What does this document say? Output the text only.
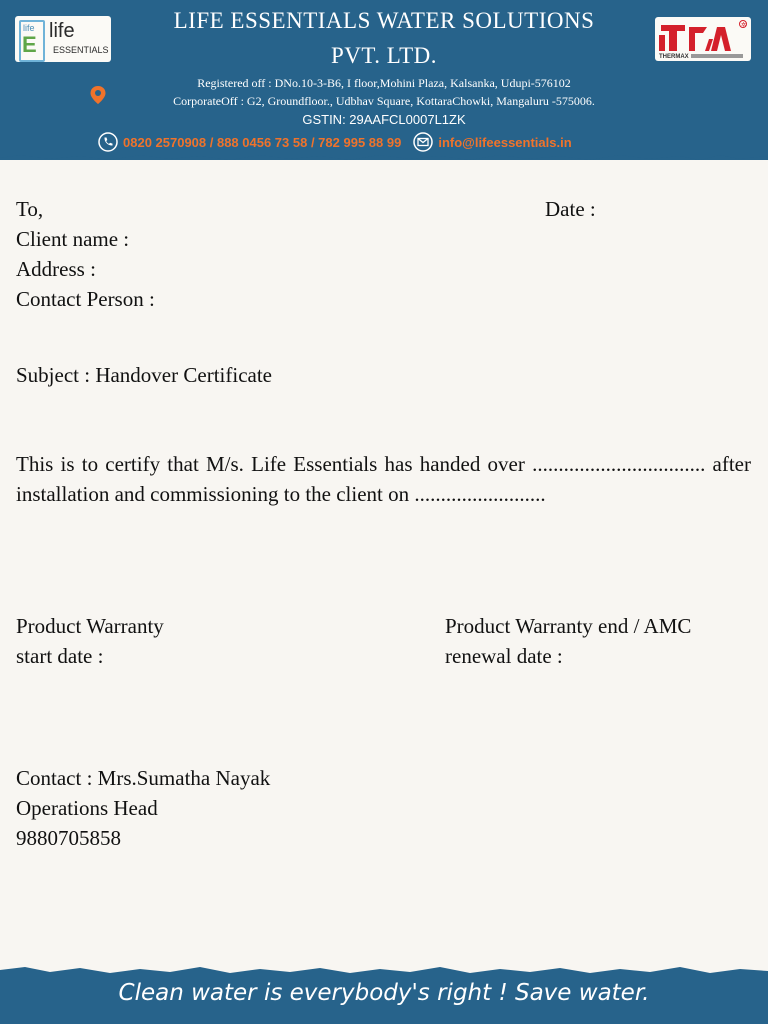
life
E
life
ESSENTIALS
THERMAX
✲
LIFE ESSENTIALS WATER SOLUTIONS
PVT. LTD.
Registered off : DNo.10-3-B6, I floor,Mohini Plaza, Kalsanka, Udupi-576102
CorporateOff : G2, Groundfloor., Udbhav Square, KottaraChowki, Mangaluru -575006.
GSTIN: 29AAFCL0007L1ZK
0820 2570908 / 888 0456 73 58 / 782 995 88 99	info@lifeessentials.in
To,	Date :
Client name :
Address :
Contact Person :
Subject : Handover Certificate
This is to certify that M/s. Life Essentials has handed over ................................. after installation and commissioning to the client on .........................
Product Warranty
start date :
Product Warranty end / AMC
renewal date :
Contact : Mrs.Sumatha Nayak
Operations Head
9880705858
Clean water is everybody's right ! Save water.
